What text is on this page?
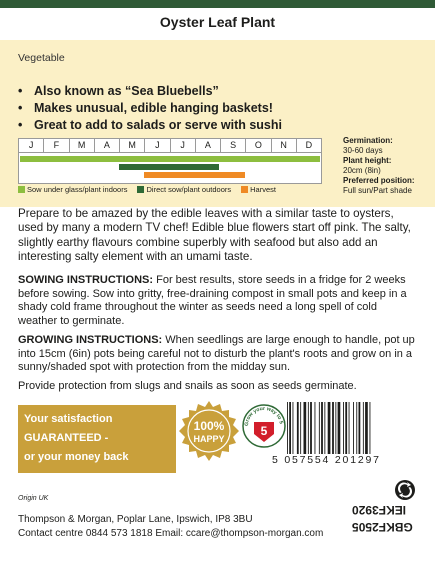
Oyster Leaf Plant
Vegetable
• Also known as “Sea Bluebells”
• Makes unusual, edible hanging baskets!
• Great to add to salads or serve with sushi
J	F	M	A	M	J	J	A	S	O	N	D
Sow under glass/plant indoors	Direct sow/plant outdoors	Harvest
Germination:
30-60 days
Plant height:
20cm (8in)
Preferred position:
Full sun/Part shade

Prepare to be amazed by the edible leaves with a similar taste to oysters, used by many a modern TV chef! Edible blue flowers start off pink. The salty, slightly earthy flavours combine superbly with seafood but also add an interesting salty element with an umami taste.

SOWING INSTRUCTIONS: For best results, store seeds in a fridge for 2 weeks before sowing. Sow into gritty, free-draining compost in small pots and keep in a shady cold frame throughout the winter as seeds need a long spell of cold weather to germinate.

GROWING INSTRUCTIONS: When seedlings are large enough to handle, pot up into 15cm (6in) pots being careful not to disturb the plant's roots and grow on in a sunny/shaded spot with protection from the midday sun.

Provide protection from slugs and snails as soon as seeds germinate.

Your satisfaction
GUARANTEED -
or your money back
100%
HAPPY
Grow your way to 5
5
5 057554 201297
Origin UK
Thompson & Morgan, Poplar Lane, Ipswich, IP8 3BU
Contact centre 0844 573 1818 Email: ccare@thompson-morgan.com
IEKF3920
GBKF2505
